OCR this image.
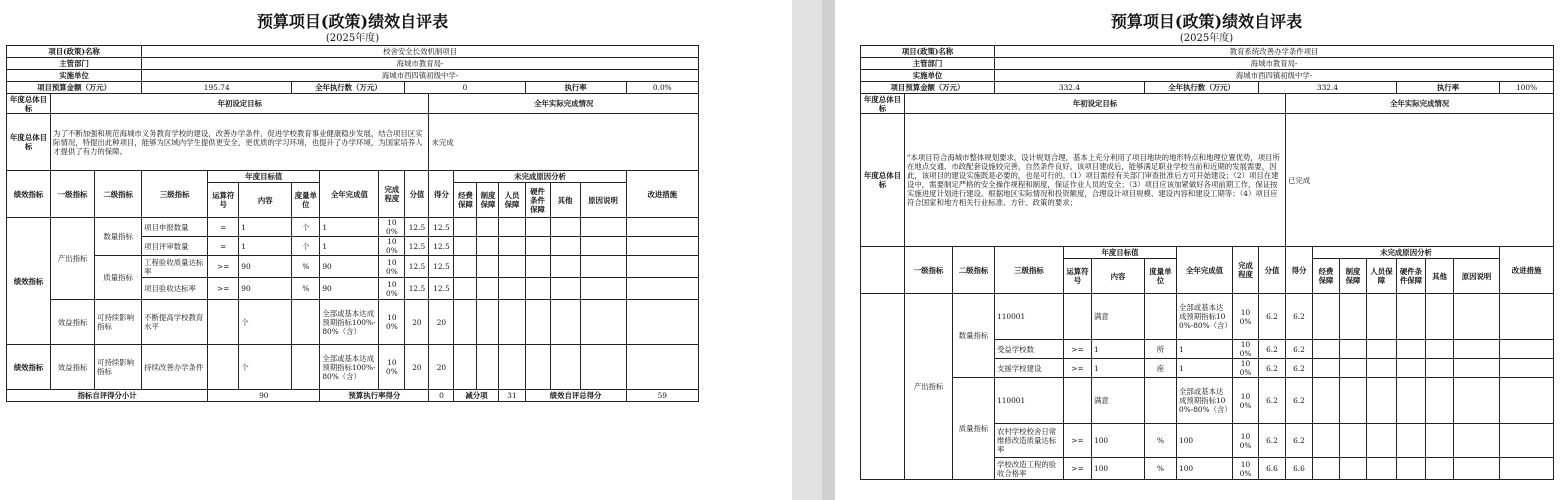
预算项目(政策)绩效自评表
(2025年度)
项目(政策)名称			校舍安全长效机制项目														
主管部门			海城市教育局-														
实施单位			海城市西四镇初级中学-														
项目预算金额（万元）			195.74			全年执行数（万元）			0					执行率			0.0%
年度总体目标	年初设定目标									全年实际完成情况							
年度总体目标	为了不断加强和规范海城市义务教育学校的建设，改善办学条件，促进学校教育事业健康稳步发展，结合项目区实际情况，特提出此种项目，能够为区域内学生提供更安全，更优质的学习环境，也提升了办学环境，为国家培养人才提供了有力的保障。									未完成							
绩效指标	一级指标	二级指标	三级指标	年度目标值			全年完成值	完成程度	分值	得分	未完成原因分析						改进措施
				运算符号	内容	度量单位					经费保障	制度保障	人员保障	硬件条件保障	其他	原因说明	

绩效指标	产出指标	数量指标	项目申报数量	=	1	个	1	100%	12.5	12.5							
			项目评审数量	=	1	个	1	100%	12.5	12.5							
		质量指标	工程验收质量达标率	>=	90	%	90	100%	12.5	12.5							
			项目验收达标率	>=	90	%	90	100%	12.5	12.5							
	效益指标	可持续影响指标	不断提高学校教育水平		个		全部或基本达成预期指标100%-80%（含）	100%	20	20							
绩效指标	效益指标	可持续影响指标	持续改善办学条件		个		全部或基本达成预期指标100%-80%（含）	100%	20	20							
指标自评得分小计				90			预算执行率得分			0	减分项		31	绩效自评总得分			59
预算项目(政策)绩效自评表
(2025年度)
项目(政策)名称			教育系统改善办学条件项目														
主管部门			海城市教育局-														
实施单位			海城市西四镇初级中学-														
项目预算金额（万元）			332.4			全年执行数（万元）			332.4					执行率			100%
年度总体目标	年初设定目标									全年实际完成情况							
年度总体目标	"本项目符合海城市整体规划要求，设计规划合理，基本上充分利用了项目地块的地形特点和地理位置优势，项目所在地点交通、市政配套设施较完善，自然条件良好。该项目建成后，能够满足职业学校当前和近期的发展需要，因此，该项目的建设实施既是必要的，也是可行的。（1）项目需经有关部门审查批准后方可开始建设；（2）项目在建设中，需要制定严格的安全操作规程和制度，保证作业人员的安全；（3）项目应该加紧做好各项前期工作，保证按实施进度计划进行建设。根据地区实际情况和投资额度，合理设计项目规模、建设内容和建设工期等；（4）项目应符合国家和地方相关行业标准、方针、政策的要求；									已完成							
	一级指标	二级指标	三级指标	年度目标值			全年完成值	完成程度	分值	得分	未完成原因分析						改进措施
				运算符号	内容	度量单位					经费保障	制度保障	人员保障	硬件条件保障	其他	原因说明	

	产出指标	数量指标	110001		满意		全部或基本达成预期指标100%-80%（含）	100%	6.2	6.2							
			受益学校数	>=	1	所	1	100%	6.2	6.2							
			支援学校建设	>=	1	座	1	100%	6.2	6.2							
		质量指标	110001		满意		全部或基本达成预期指标100%-80%（含）	100%	6.2	6.2							
			农村学校校舍日常维修改造质量达标率	>=	100	%	100	100%	6.2	6.2							
			学校改造工程的验收合格率	>=	100	%	100	100%	6.6	6.6							
